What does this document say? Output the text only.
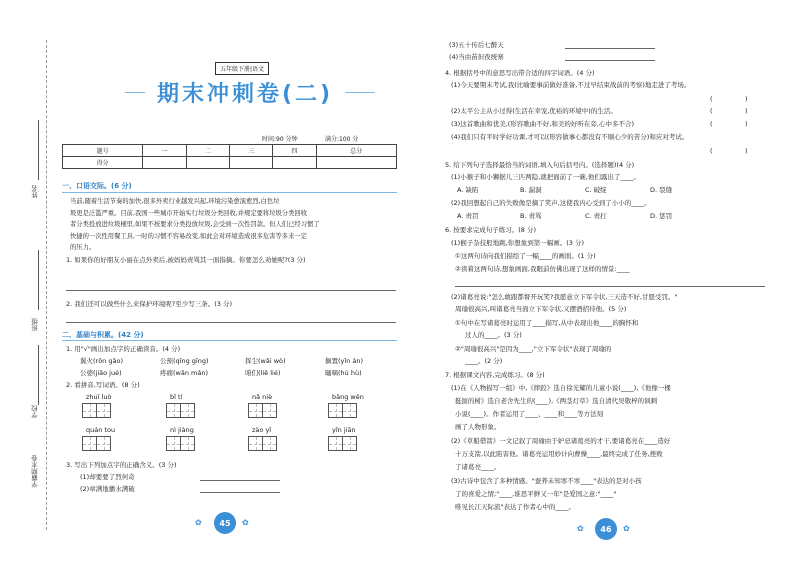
姓名
班级
学校
学霸期末卷
五年级下册|语文
期末冲刺卷(二)
时间:90 分钟	满分:100 分
题号	一	二	三	四	总分
得分					
一、口语交际。(6 分)
当前,随着生活节奏的加快,很多外卖行业越发兴起,环境污染愈演愈烈,白色垃
圾更是泛滥严重。目前,我国一些城市开始实行垃圾分类回收,并规定要将垃圾分类回收
者分类投放进垃圾桶里,如果不按要求分类投放垃圾,会受到一次性罚款。但人们已经习惯了
快捷的一次性用餐工具,一时的习惯不容易改变,如此会对环境造成很多危害等多来一定
的压力。
1. 如果你的好朋友小丽在点外卖后,被妈妈责骂其一面指摘。你要怎么劝她呢?(3 分)
2. 我们还可以做些什么来保护环境呢?至少写三条。(3 分)
二、基础与积累。(42 分)
1. 用"√"画出加点字的正确读音。(4 分)
翼火(rōn gǎo)	公预(qīng gīng)	挥尘(wǎi wò)	搁置(yǐn án)
公婆(jiāo jué)	疼痛(wǎn mán)	咱们(liē lié)	嗵嘀(hú hù)
2. 看拼音,写词语。(8 分)
zhuī luò	bǐ tí	nǎ niè	bǎng wěn
quán tou	nì jiàng	zào yǐ	yǐn jiān
3. 写出下列加点字的正确含义。(3 分)
(1)却要要了烈何奇
(2)章满地播水满破
✿	45	✿
(3)五十传后七醉天
(4)当由苗但夜统寨
4. 根据括号中的意思写出带合适的四字词语。(4 分)
(1)今天要期末考试,我(比喻要事前做好准备,不过早结束战前的考察)地走进了考场。
(　　　　　)
(2)太平公主从小过得(生活在幸宠,优裕的环境中)的生活。	(　　　　　)
(3)这首歌曲和优美,(形容歌曲不好,和美的好听在旁,心中多不合)	(　　　　　)
(4)我们只有平时学好功课,才可以(形容做事心都没有不顺心少的苦分)和应对考试。
(　　　　　)
5. 给下列句子选择最恰当的词语,填入句后括号内。(选择题)(4 分)
(1)小猴子和小狮据儿三匹两隐,就把面前了一碗,他们露出了____。
A. 缺陷	B. 漏洞	C. 破绽	D. 裂缝
(2)我回想起自己的失败像是摘了笑声,这使我内心受到了小小的____。
A. 责罚	B. 责骂	C. 责打	D. 惩罚
6. 按要求完成句子练习。(8 分)
(1)猴子杂技般地跳,你想象到第一幅画。(3 分)
①这两句诗向我们描绘了一幅____的画面。(1 分)
②读着这两句诗,想象画面,我眼前仿佛出现了这样的情景:____
(2)诸葛亮说:"怎么敢跟都督开玩笑?我愿意立下军令状,三天造不好,甘愿受罚。"
周瑜很高兴,叫诸葛亮当面立下军令状,又摆酒招待他。(5 分)
①句中在写诸葛亮时运用了____描写,从中表现出他____的胸怀和
过人的____。(3 分)
②"周瑜很高兴"是因为____,"立下军令状"表现了周瑜的
____。(2 分)
7. 根据课文内容,完成练习。(8 分)
(1)在《人物描写一组》中,《摔跤》选自徐光耀的儿童小说(____),《他像一棵
挺拔的树》选自老舍先生的(____),《两茎灯草》选自清代吴敬梓的讽刺
小说(____)。作者运用了____、____和____等方法刻
画了人物形象。
(2)《草船借箭》一文记叙了周瑜由于妒忌诸葛亮的才干,要诸葛亮在____造好
十万支箭,以此陷害他。诸葛亮运用妙计向曹操____,最终完成了任务,挫败
了诸葛亮____。
(3)古诗中包含了多种情感。"蚕养未知寒不寒____"表达的是对小孩
了的喜爱之情;"____,谁思平鲜又一年"是爱国之意:"____"
唯见长江天际流"表达了作者心中的____。
✿	46	✿
